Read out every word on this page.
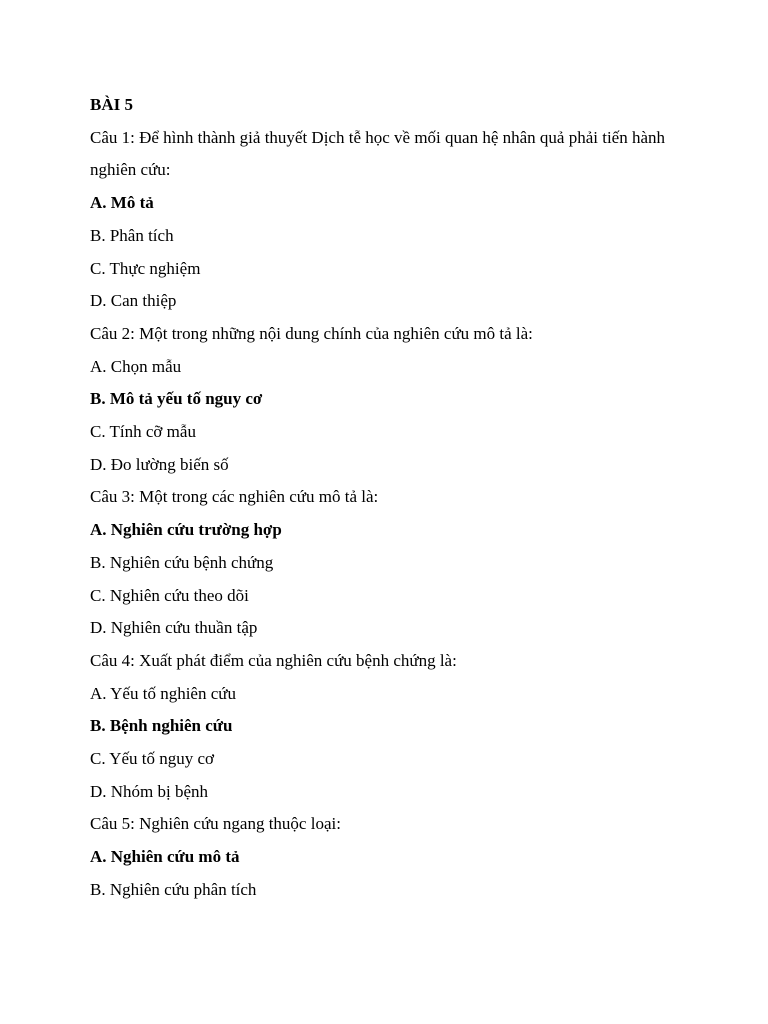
BÀI 5
Câu 1: Để hình thành giả thuyết Dịch tễ học về mối quan hệ nhân quả phải tiến hành nghiên cứu:
A. Mô tả
B. Phân tích
C. Thực nghiệm
D. Can thiệp
Câu 2: Một trong những nội dung chính của nghiên cứu mô tả là:
A. Chọn mẫu
B. Mô tả yếu tố nguy cơ
C. Tính cỡ mẫu
D. Đo lường biến số
Câu 3: Một trong các nghiên cứu mô tả là:
A. Nghiên cứu trường hợp
B. Nghiên cứu bệnh chứng
C. Nghiên cứu theo dõi
D. Nghiên cứu thuần tập
Câu 4: Xuất phát điểm của nghiên cứu bệnh chứng là:
A. Yếu tố nghiên cứu
B. Bệnh nghiên cứu
C. Yếu tố nguy cơ
D. Nhóm bị bệnh
Câu 5: Nghiên cứu ngang thuộc loại:
A. Nghiên cứu mô tả
B. Nghiên cứu phân tích
